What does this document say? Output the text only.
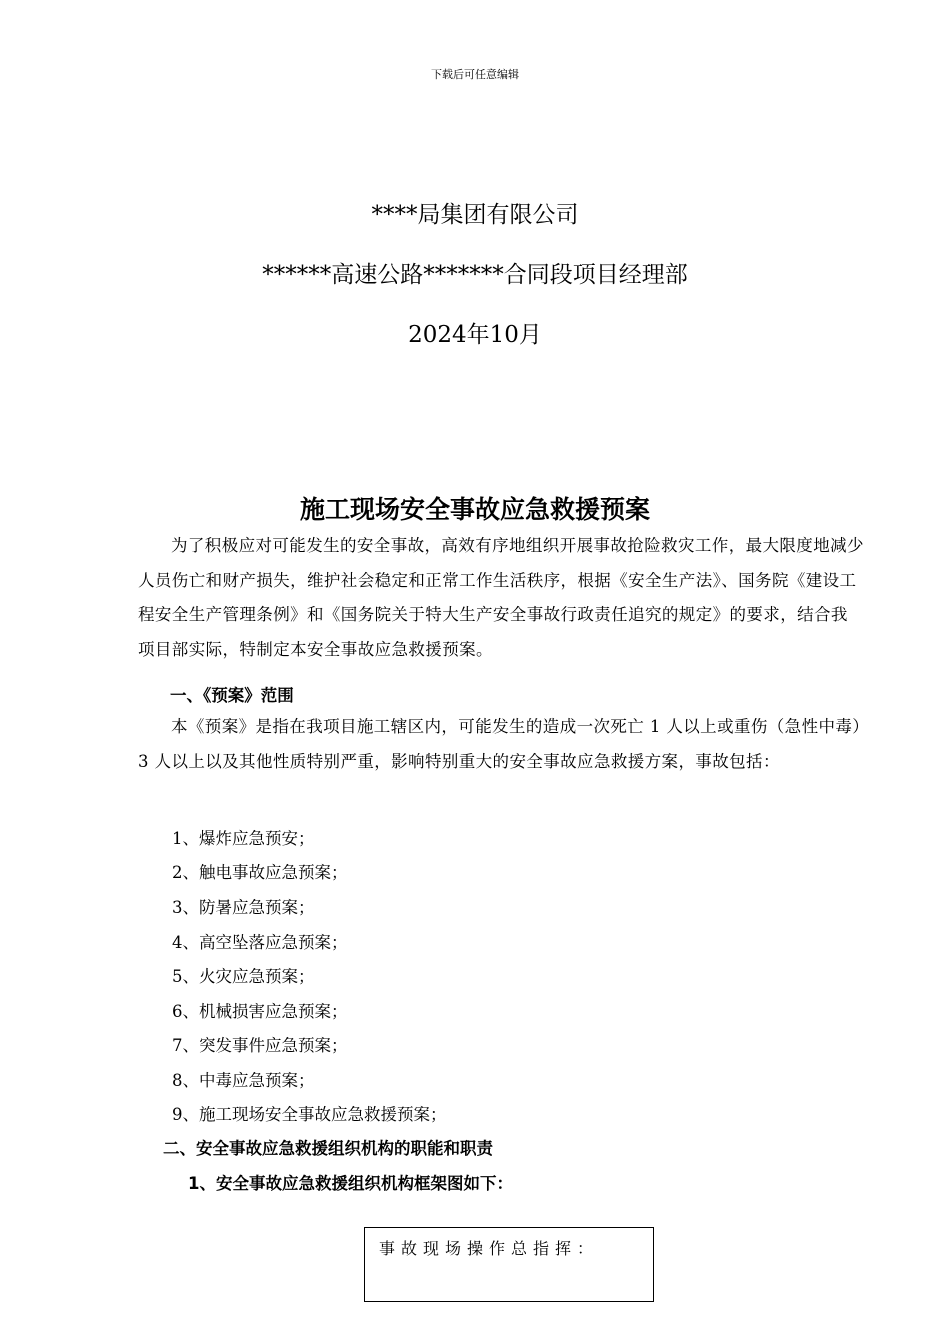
下载后可任意编辑
****局集团有限公司
******高速公路*******合同段项目经理部
2024年10月
施工现场安全事故应急救援预案
为了积极应对可能发生的安全事故，高效有序地组织开展事故抢险救灾工作，最大限度地减少人员伤亡和财产损失，维护社会稳定和正常工作生活秩序，根据《安全生产法》、国务院《建设工程安全生产管理条例》和《国务院关于特大生产安全事故行政责任追究的规定》的要求，结合我项目部实际，特制定本安全事故应急救援预案。
一、《预案》范围
本《预案》是指在我项目施工辖区内，可能发生的造成一次死亡 1 人以上或重伤（急性中毒）3 人以上以及其他性质特别严重，影响特别重大的安全事故应急救援方案，事故包括：
1、爆炸应急预安；
2、触电事故应急预案；
3、防暑应急预案；
4、高空坠落应急预案；
5、火灾应急预案；
6、机械损害应急预案；
7、突发事件应急预案；
8、中毒应急预案；
9、施工现场安全事故应急救援预案；
二、安全事故应急救援组织机构的职能和职责
1、安全事故应急救援组织机构框架图如下：
事故现场操作总指挥：
